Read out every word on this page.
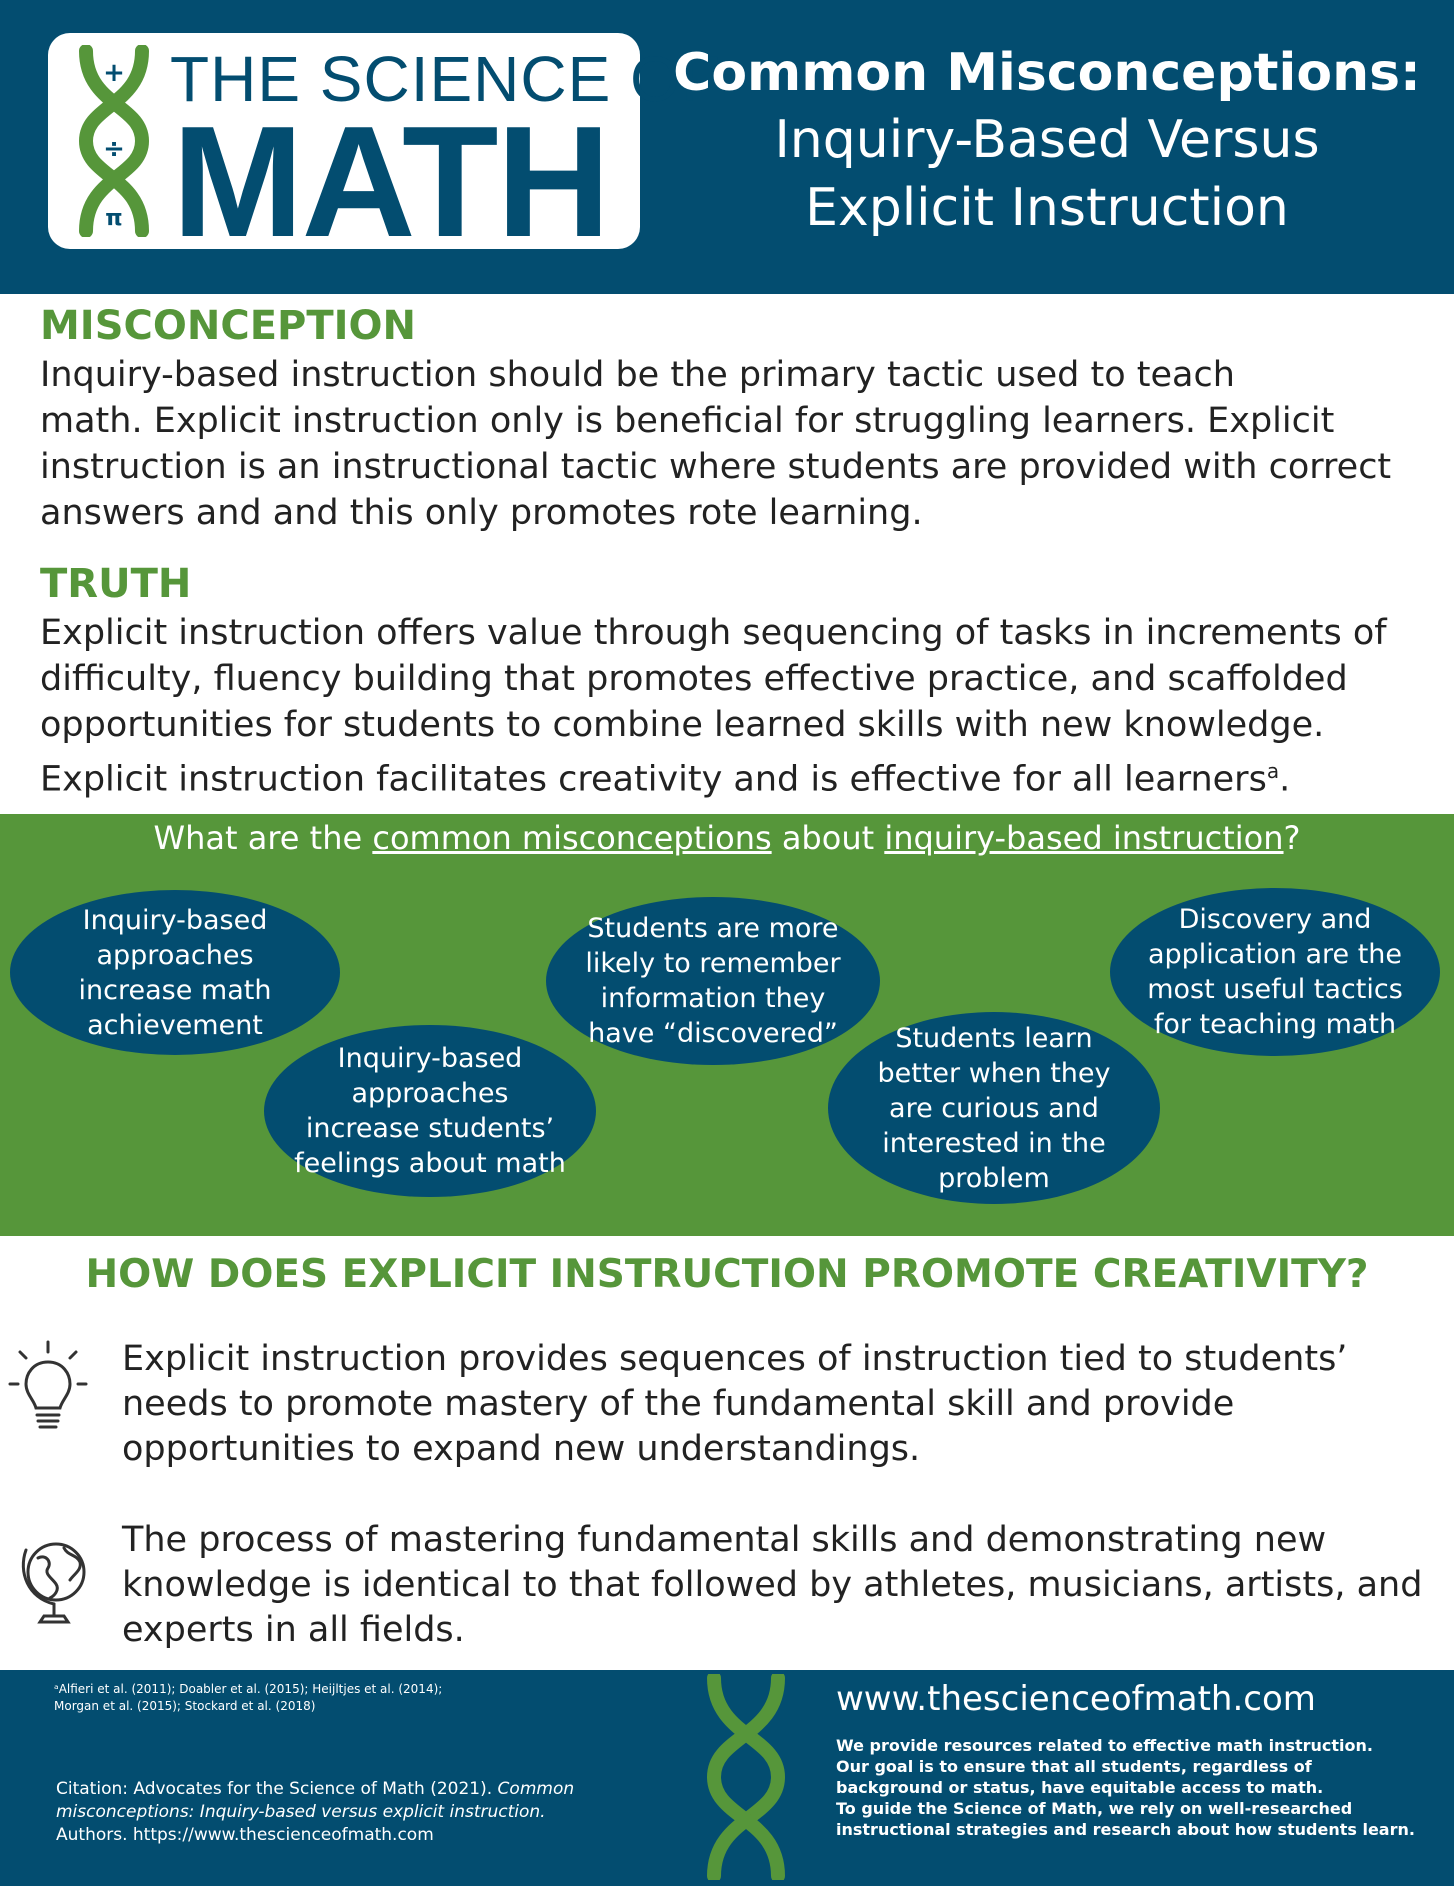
+
÷
π
THE SCIENCE OF
MATH
Common Misconceptions:
Inquiry-Based Versus
Explicit Instruction
MISCONCEPTION
Inquiry-based instruction should be the primary tactic used to teach
math. Explicit instruction only is beneficial for struggling learners. Explicit
instruction is an instructional tactic where students are provided with correct
answers and and this only promotes rote learning.
TRUTH
Explicit instruction offers value through sequencing of tasks in increments of
difficulty, fluency building that promotes effective practice, and scaffolded
opportunities for students to combine learned skills with new knowledge.
Explicit instruction facilitates creativity and is effective for all learners$^a$.
What are the common misconceptions about inquiry-based instruction?
Inquiry-based
approaches
increase math
achievement
Inquiry-based
approaches
increase students’
feelings about math
Students are more
likely to remember
information they
have “discovered”	Students learn
better when they
are curious and
interested in the
problem
Discovery and
application are the
most useful tactics
for teaching math
HOW DOES EXPLICIT INSTRUCTION PROMOTE CREATIVITY?
Explicit instruction provides sequences of instruction tied to students’
needs to promote mastery of the fundamental skill and provide
opportunities to expand new understandings.
The process of mastering fundamental skills and demonstrating new
knowledge is identical to that followed by athletes, musicians, artists, and
experts in all fields.
ᵃAlfieri et al. (2011); Doabler et al. (2015); Heijltjes et al. (2014);
Morgan et al. (2015); Stockard et al. (2018)
Citation: Advocates for the Science of Math (2021). Common misconceptions: Inquiry-based versus explicit instruction. Authors. https://www.thescienceofmath.com
www.thescienceofmath.com
We provide resources related to effective math instruction.
Our goal is to ensure that all students, regardless of
background or status, have equitable access to math.
To guide the Science of Math, we rely on well-researched
instructional strategies and research about how students learn.
